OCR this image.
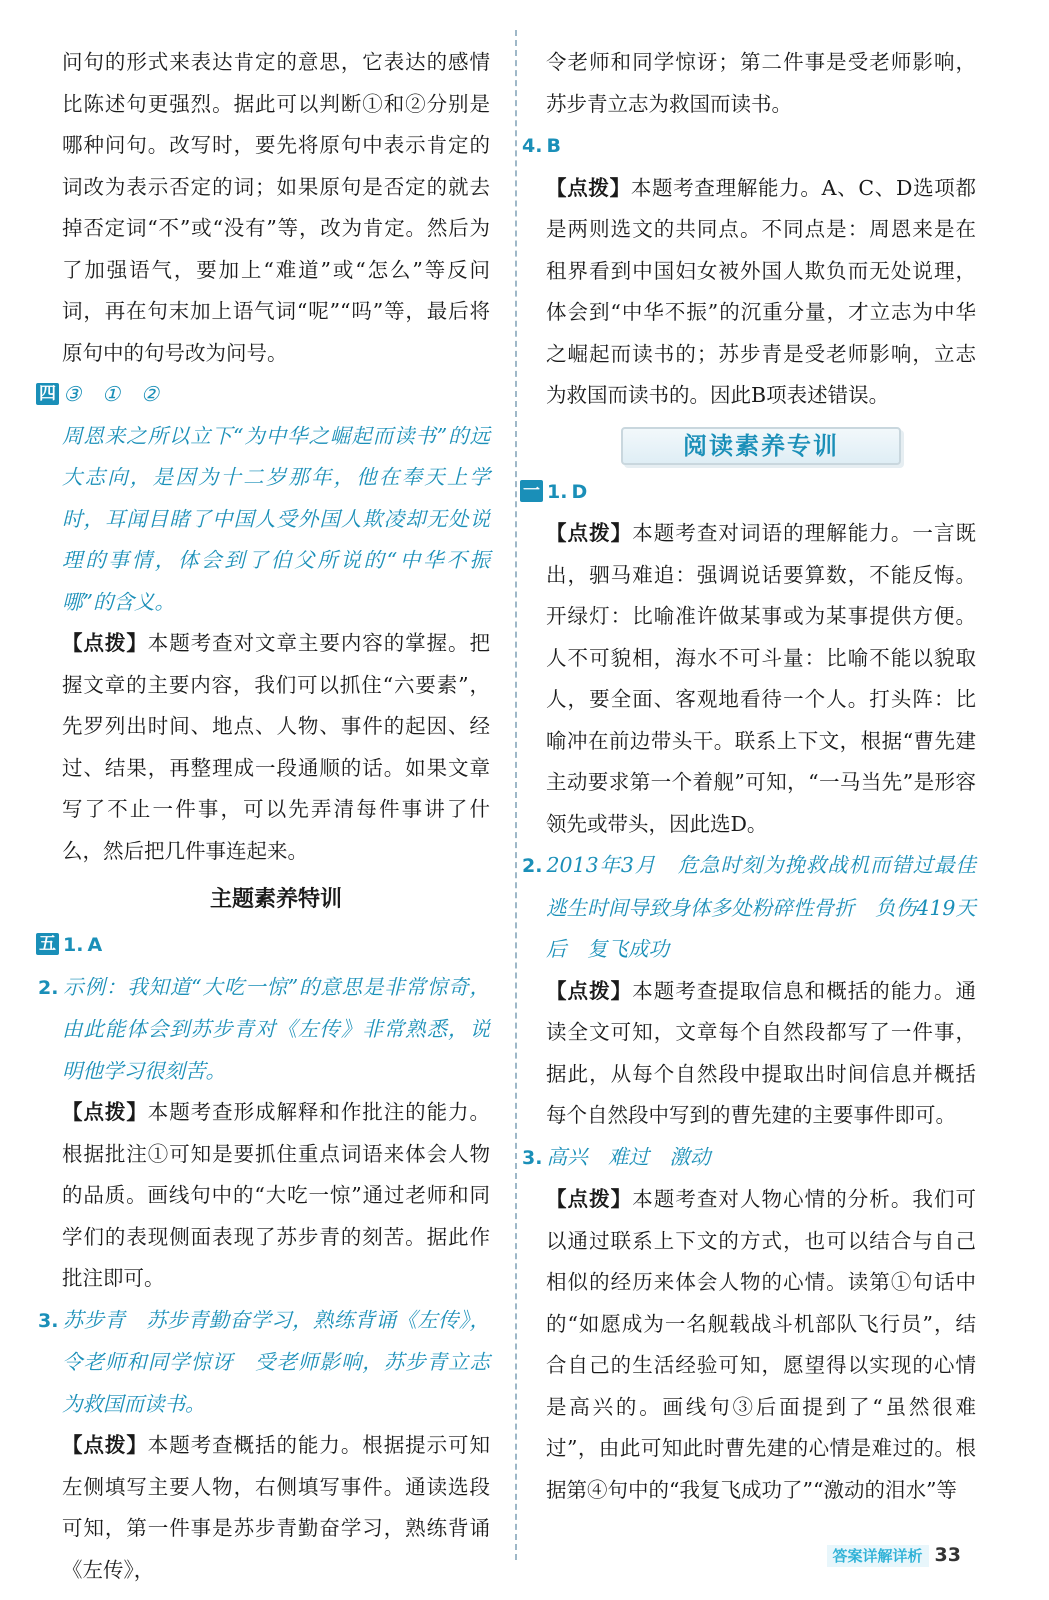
问句的形式来表达肯定的意思，它表达的感情比陈述句更强烈。据此可以判断①和②分别是哪种问句。改写时，要先将原句中表示肯定的词改为表示否定的词；如果原句是否定的就去掉否定词“不”或“没有”等，改为肯定。然后为了加强语气，要加上“难道”或“怎么”等反问词，再在句末加上语气词“呢”“吗”等，最后将原句中的句号改为问号。

四 ③　①　②

周恩来之所以立下“为中华之崛起而读书”的远大志向，是因为十二岁那年，他在奉天上学时，耳闻目睹了中国人受外国人欺凌却无处说理的事情，体会到了伯父所说的“中华不振哪”的含义。

【点拨】本题考查对文章主要内容的掌握。把握文章的主要内容，我们可以抓住“六要素”，先罗列出时间、地点、人物、事件的起因、经过、结果，再整理成一段通顺的话。如果文章写了不止一件事，可以先弄清每件事讲了什么，然后把几件事连起来。

主题素养特训

五 1. A

2. 示例：我知道“大吃一惊”的意思是非常惊奇，由此能体会到苏步青对《左传》非常熟悉，说明他学习很刻苦。

【点拨】本题考查形成解释和作批注的能力。根据批注①可知是要抓住重点词语来体会人物的品质。画线句中的“大吃一惊”通过老师和同学们的表现侧面表现了苏步青的刻苦。据此作批注即可。

3. 苏步青　苏步青勤奋学习，熟练背诵《左传》，令老师和同学惊讶　受老师影响，苏步青立志为救国而读书。

【点拨】本题考查概括的能力。根据提示可知左侧填写主要人物，右侧填写事件。通读选段可知，第一件事是苏步青勤奋学习，熟练背诵《左传》，

令老师和同学惊讶；第二件事是受老师影响，苏步青立志为救国而读书。

4. B

【点拨】本题考查理解能力。A、C、D选项都是两则选文的共同点。不同点是：周恩来是在租界看到中国妇女被外国人欺负而无处说理，体会到“中华不振”的沉重分量，才立志为中华之崛起而读书的；苏步青是受老师影响，立志为救国而读书的。因此B项表述错误。

阅读素养专训

一 1. D

【点拨】本题考查对词语的理解能力。一言既出，驷马难追：强调说话要算数，不能反悔。开绿灯：比喻准许做某事或为某事提供方便。人不可貌相，海水不可斗量：比喻不能以貌取人，要全面、客观地看待一个人。打头阵：比喻冲在前边带头干。联系上下文，根据“曹先建主动要求第一个着舰”可知，“一马当先”是形容领先或带头，因此选D。

2. 2013年3月　危急时刻为挽救战机而错过最佳逃生时间导致身体多处粉碎性骨折　负伤419天后　复飞成功

【点拨】本题考查提取信息和概括的能力。通读全文可知，文章每个自然段都写了一件事，据此，从每个自然段中提取出时间信息并概括每个自然段中写到的曹先建的主要事件即可。

3. 高兴　难过　激动

【点拨】本题考查对人物心情的分析。我们可以通过联系上下文的方式，也可以结合与自己相似的经历来体会人物的心情。读第①句话中的“如愿成为一名舰载战斗机部队飞行员”，结合自己的生活经验可知，愿望得以实现的心情是高兴的。画线句③后面提到了“虽然很难过”，由此可知此时曹先建的心情是难过的。根据第④句中的“我复飞成功了”“激动的泪水”等

答案详解详析 33
